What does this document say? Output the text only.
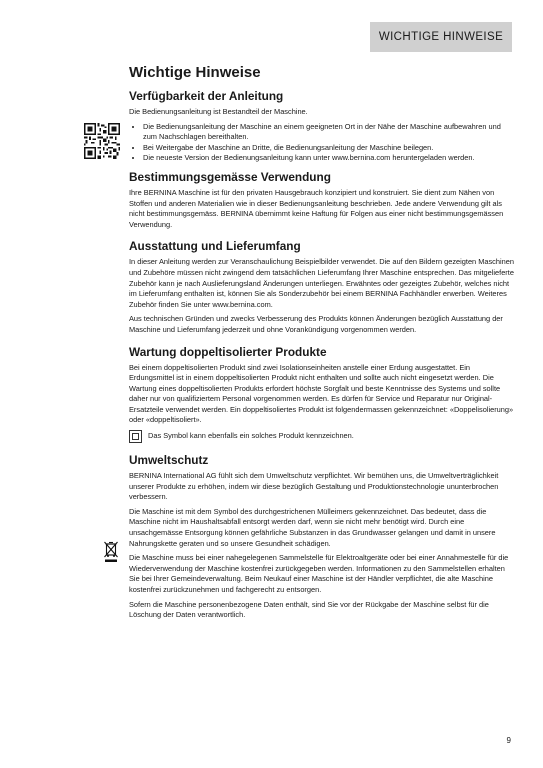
WICHTIGE HINWEISE
Wichtige Hinweise
Verfügbarkeit der Anleitung

Die Bedienungsanleitung ist Bestandteil der Maschine.

• Die Bedienungsanleitung der Maschine an einem geeigneten Ort in der Nähe der Maschine aufbewahren und zum Nachschlagen bereithalten.
• Bei Weitergabe der Maschine an Dritte, die Bedienungsanleitung der Maschine beilegen.
• Die neueste Version der Bedienungsanleitung kann unter www.bernina.com heruntergeladen werden.
Bestimmungsgemässe Verwendung

Ihre BERNINA Maschine ist für den privaten Hausgebrauch konzipiert und konstruiert. Sie dient zum Nähen von Stoffen und anderen Materialien wie in dieser Bedienungsanleitung beschrieben. Jede andere Verwendung gilt als nicht bestimmungsgemäss. BERNINA übernimmt keine Haftung für Folgen aus einer nicht bestimmungsgemässen Verwendung.

Ausstattung und Lieferumfang

In dieser Anleitung werden zur Veranschaulichung Beispielbilder verwendet. Die auf den Bildern gezeigten Maschinen und Zubehöre müssen nicht zwingend dem tatsächlichen Lieferumfang Ihrer Maschine entsprechen. Das mitgelieferte Zubehör kann je nach Auslieferungsland Änderungen unterliegen. Erwähntes oder gezeigtes Zubehör, welches nicht im Lieferumfang enthalten ist, können Sie als Sonderzubehör bei einem BERNINA Fachhändler erwerben. Weiteres Zubehör finden Sie unter www.bernina.com.

Aus technischen Gründen und zwecks Verbesserung des Produkts können Änderungen bezüglich Ausstattung der Maschine und Lieferumfang jederzeit und ohne Vorankündigung vorgenommen werden.

Wartung doppeltisolierter Produkte

Bei einem doppeltisolierten Produkt sind zwei Isolationseinheiten anstelle einer Erdung ausgestattet. Ein Erdungsmittel ist in einem doppeltisolierten Produkt nicht enthalten und sollte auch nicht eingesetzt werden. Die Wartung eines doppeltisolierten Produkts erfordert höchste Sorgfalt und beste Kenntnisse des Systems und sollte daher nur von qualifiziertem Personal vorgenommen werden. Es dürfen für Service und Reparatur nur Original-Ersatzteile verwendet werden. Ein doppeltisoliertes Produkt ist folgendermassen gekennzeichnet: «Doppelisolierung» oder «doppeltisoliert».

Das Symbol kann ebenfalls ein solches Produkt kennzeichnen.

Umweltschutz

BERNINA International AG fühlt sich dem Umweltschutz verpflichtet. Wir bemühen uns, die Umweltverträglichkeit unserer Produkte zu erhöhen, indem wir diese bezüglich Gestaltung und Produktionstechnologie ununterbrochen verbessern.

Die Maschine ist mit dem Symbol des durchgestrichenen Mülleimers gekennzeichnet. Das bedeutet, dass die Maschine nicht im Haushaltsabfall entsorgt werden darf, wenn sie nicht mehr benötigt wird. Durch eine unsachgemässe Entsorgung können gefährliche Substanzen in das Grundwasser gelangen und damit in unsere Nahrungskette geraten und so unsere Gesundheit schädigen.

Die Maschine muss bei einer nahegelegenen Sammelstelle für Elektroaltgeräte oder bei einer Annahmestelle für die Wiederverwendung der Maschine kostenfrei zurückgegeben werden. Informationen zu den Sammelstellen erhalten Sie bei Ihrer Gemeindeverwaltung. Beim Neukauf einer Maschine ist der Händler verpflichtet, die alte Maschine kostenfrei zurückzunehmen und fachgerecht zu entsorgen.

Sofern die Maschine personenbezogene Daten enthält, sind Sie vor der Rückgabe der Maschine selbst für die Löschung der Daten verantwortlich.

9
